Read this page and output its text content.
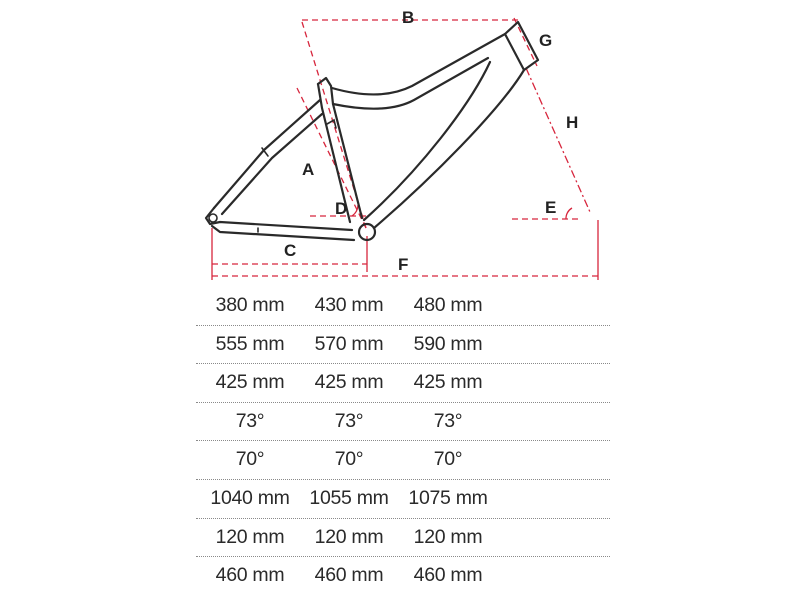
B
G
H
A
E
D
C
F
380 mm	430 mm	480 mm
555 mm	570 mm	590 mm
425 mm	425 mm	425 mm
73°	73°	73°
70°	70°	70°
1040 mm	1055 mm	1075 mm
120 mm	120 mm	120 mm
460 mm	460 mm	460 mm
